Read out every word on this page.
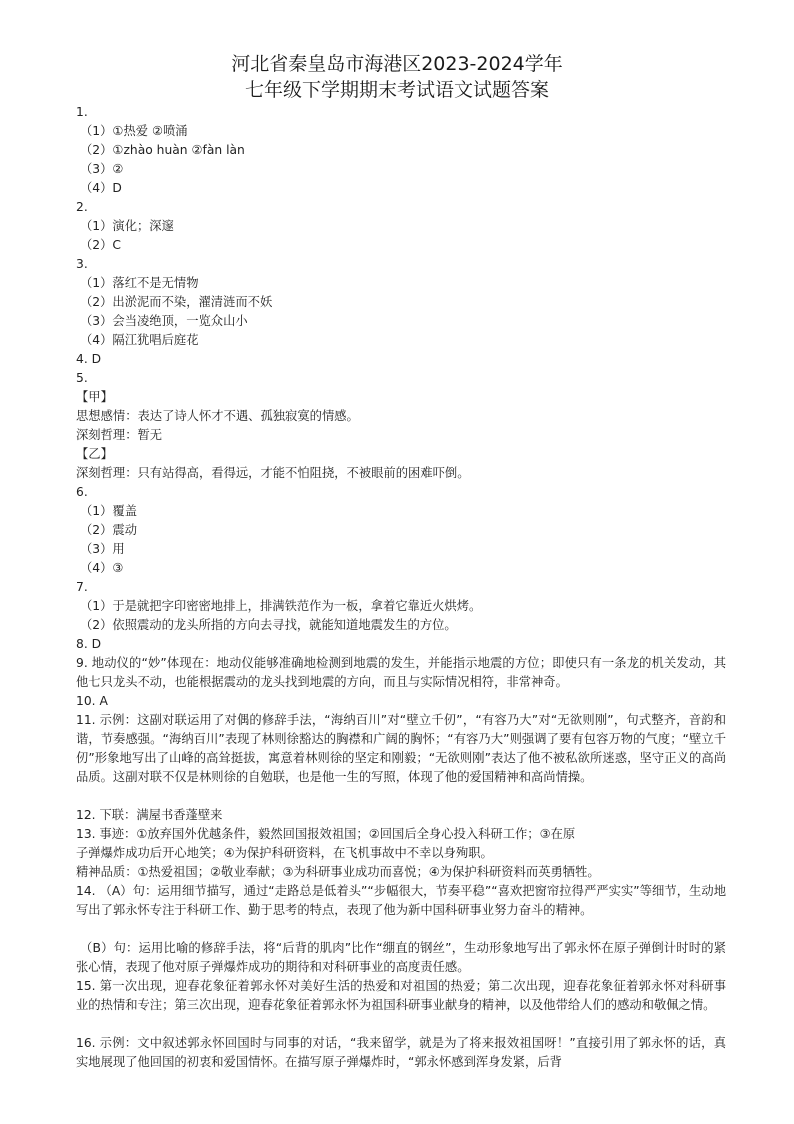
河北省秦皇岛市海港区2023-2024学年
七年级下学期期末考试语文试题答案
1.
（1）①热爱 ②喷涌
（2）①zhào huàn ②fàn làn
（3）②
（4）D
2.
（1）演化；深邃
（2）C
3.
（1）落红不是无情物
（2）出淤泥而不染，濯清涟而不妖
（3）会当凌绝顶，一览众山小
（4）隔江犹唱后庭花
4. D
5.
【甲】
思想感情：表达了诗人怀才不遇、孤独寂寞的情感。
深刻哲理：暂无
【乙】
深刻哲理：只有站得高，看得远，才能不怕阻挠，不被眼前的困难吓倒。
6.
（1）覆盖
（2）震动
（3）用
（4）③
7.
（1）于是就把字印密密地排上，排满铁范作为一板，拿着它靠近火烘烤。
（2）依照震动的龙头所指的方向去寻找，就能知道地震发生的方位。
8. D
9. 地动仪的“妙”体现在：地动仪能够准确地检测到地震的发生，并能指示地震的方位；即使只有一条龙的机关发动，其他七只龙头不动，也能根据震动的龙头找到地震的方向，而且与实际情况相符，非常神奇。
10. A
11. 示例：这副对联运用了对偶的修辞手法，“海纳百川”对“壁立千仞”，“有容乃大”对“无欲则刚”，句式整齐，音韵和谐，节奏感强。“海纳百川”表现了林则徐豁达的胸襟和广阔的胸怀；“有容乃大”则强调了要有包容万物的气度；“壁立千仞”形象地写出了山峰的高耸挺拔，寓意着林则徐的坚定和刚毅；“无欲则刚”表达了他不被私欲所迷惑，坚守正义的高尚品质。这副对联不仅是林则徐的自勉联，也是他一生的写照，体现了他的爱国精神和高尚情操。
12. 下联：满屋书香蓬壁来
13. 事迹：①放弃国外优越条件，毅然回国报效祖国；②回国后全身心投入科研工作；③在原
子弹爆炸成功后开心地笑；④为保护科研资料，在飞机事故中不幸以身殉职。
精神品质：①热爱祖国；②敬业奉献；③为科研事业成功而喜悦；④为保护科研资料而英勇牺牲。
14. （A）句：运用细节描写，通过“走路总是低着头”“步幅很大，节奏平稳”“喜欢把窗帘拉得严严实实”等细节，生动地写出了郭永怀专注于科研工作、勤于思考的特点，表现了他为新中国科研事业努力奋斗的精神。
（B）句：运用比喻的修辞手法，将“后背的肌肉”比作“绷直的钢丝”，生动形象地写出了郭永怀在原子弹倒计时时的紧张心情，表现了他对原子弹爆炸成功的期待和对科研事业的高度责任感。
15. 第一次出现，迎春花象征着郭永怀对美好生活的热爱和对祖国的热爱；第二次出现，迎春花象征着郭永怀对科研事业的热情和专注；第三次出现，迎春花象征着郭永怀为祖国科研事业献身的精神，以及他带给人们的感动和敬佩之情。
16. 示例：文中叙述郭永怀回国时与同事的对话，“我来留学，就是为了将来报效祖国呀！”直接引用了郭永怀的话，真实地展现了他回国的初衷和爱国情怀。在描写原子弹爆炸时，“郭永怀感到浑身发紧，后背
